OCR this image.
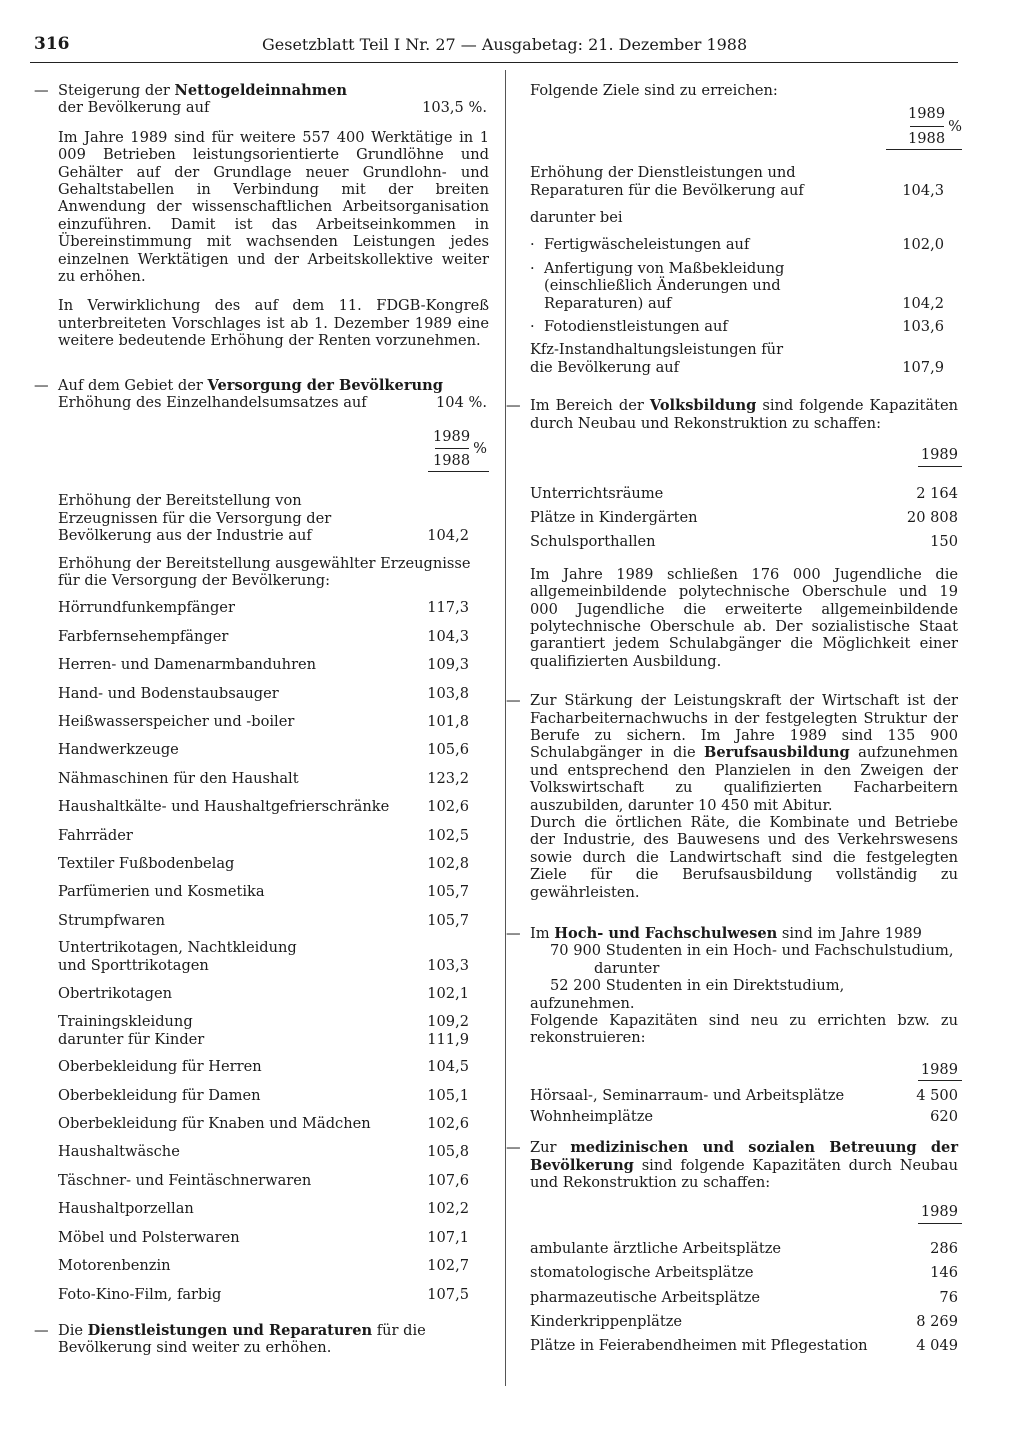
316	Gesetzblatt Teil I Nr. 27 — Ausgabetag: 21. Dezember 1988
— Steigerung der Nettogeldeinnahmen
der Bevölkerung auf	103,5 %.
Im Jahre 1989 sind für weitere 557 400 Werktätige in 1 009 Betrieben leistungsorientierte Grundlöhne und Gehälter auf der Grundlage neuer Grundlohn- und Gehaltstabellen in Verbindung mit der breiten Anwendung der wissenschaftlichen Arbeitsorganisation einzuführen. Damit ist das Arbeitseinkommen in Übereinstimmung mit wachsenden Leistungen jedes einzelnen Werktätigen und der Arbeitskollektive weiter zu erhöhen.
In Verwirklichung des auf dem 11. FDGB-Kongreß unterbreiteten Vorschlages ist ab 1. Dezember 1989 eine weitere bedeutende Erhöhung der Renten vorzunehmen.
— Auf dem Gebiet der Versorgung der Bevölkerung
Erhöhung des Einzelhandelsumsatzes auf	104 %.
$\frac{1989}{1988}$ %
Erhöhung der Bereitstellung von Erzeugnissen für die Versorgung der Bevölkerung aus der Industrie auf	104,2
Erhöhung der Bereitstellung ausgewählter Erzeugnisse für die Versorgung der Bevölkerung:
Hörrundfunkempfänger	117,3
Farbfernsehempfänger	104,3
Herren- und Damenarmbanduhren	109,3
Hand- und Bodenstaubsauger	103,8
Heißwasserspeicher und -boiler	101,8
Handwerkzeuge	105,6
Nähmaschinen für den Haushalt	123,2
Haushaltkälte- und Haushaltgefrierschränke	102,6
Fahrräder	102,5
Textiler Fußbodenbelag	102,8
Parfümerien und Kosmetika	105,7
Strumpfwaren	105,7
Untertrikotagen, Nachtkleidung
und Sporttrikotagen	103,3
Obertrikotagen	102,1
Trainingskleidung	109,2
darunter für Kinder	111,9
Oberbekleidung für Herren	104,5
Oberbekleidung für Damen	105,1
Oberbekleidung für Knaben und Mädchen	102,6
Haushaltwäsche	105,8
Täschner- und Feintäschnerwaren	107,6
Haushaltporzellan	102,2
Möbel und Polsterwaren	107,1
Motorenbenzin	102,7
Foto-Kino-Film, farbig	107,5
— Die Dienstleistungen und Reparaturen für die Bevölkerung sind weiter zu erhöhen.
Folgende Ziele sind zu erreichen:
$\frac{1989}{1988}$ %
Erhöhung der Dienstleistungen und Reparaturen für die Bevölkerung auf	104,3
darunter bei
· Fertigwäscheleistungen auf	102,0
· Anfertigung von Maßbekleidung (einschließlich Änderungen und Reparaturen) auf	104,2
· Fotodienstleistungen auf	103,6
Kfz-Instandhaltungsleistungen für die Bevölkerung auf	107,9
— Im Bereich der Volksbildung sind folgende Kapazitäten durch Neubau und Rekonstruktion zu schaffen:
1989
Unterrichtsräume	2 164
Plätze in Kindergärten	20 808
Schulsporthallen	150
Im Jahre 1989 schließen 176 000 Jugendliche die allgemeinbildende polytechnische Oberschule und 19 000 Jugendliche die erweiterte allgemeinbildende polytechnische Oberschule ab. Der sozialistische Staat garantiert jedem Schulabgänger die Möglichkeit einer qualifizierten Ausbildung.
— Zur Stärkung der Leistungskraft der Wirtschaft ist der Facharbeiternachwuchs in der festgelegten Struktur der Berufe zu sichern. Im Jahre 1989 sind 135 900 Schulabgänger in die Berufsausbildung aufzunehmen und entsprechend den Planzielen in den Zweigen der Volkswirtschaft zu qualifizierten Facharbeitern auszubilden, darunter 10 450 mit Abitur.
Durch die örtlichen Räte, die Kombinate und Betriebe der Industrie, des Bauwesens und des Verkehrswesens sowie durch die Landwirtschaft sind die festgelegten Ziele für die Berufsausbildung vollständig zu gewährleisten.
— Im Hoch- und Fachschulwesen sind im Jahre 1989
70 900 Studenten in ein Hoch- und Fachschulstudium,
darunter
52 200 Studenten in ein Direktstudium,
aufzunehmen.
Folgende Kapazitäten sind neu zu errichten bzw. zu rekonstruieren:
1989
Hörsaal-, Seminarraum- und Arbeitsplätze	4 500
Wohnheimplätze	620
— Zur medizinischen und sozialen Betreuung der Bevölkerung sind folgende Kapazitäten durch Neubau und Rekonstruktion zu schaffen:
1989
ambulante ärztliche Arbeitsplätze	286
stomatologische Arbeitsplätze	146
pharmazeutische Arbeitsplätze	76
Kinderkrippenplätze	8 269
Plätze in Feierabendheimen mit Pflegestation	4 049
